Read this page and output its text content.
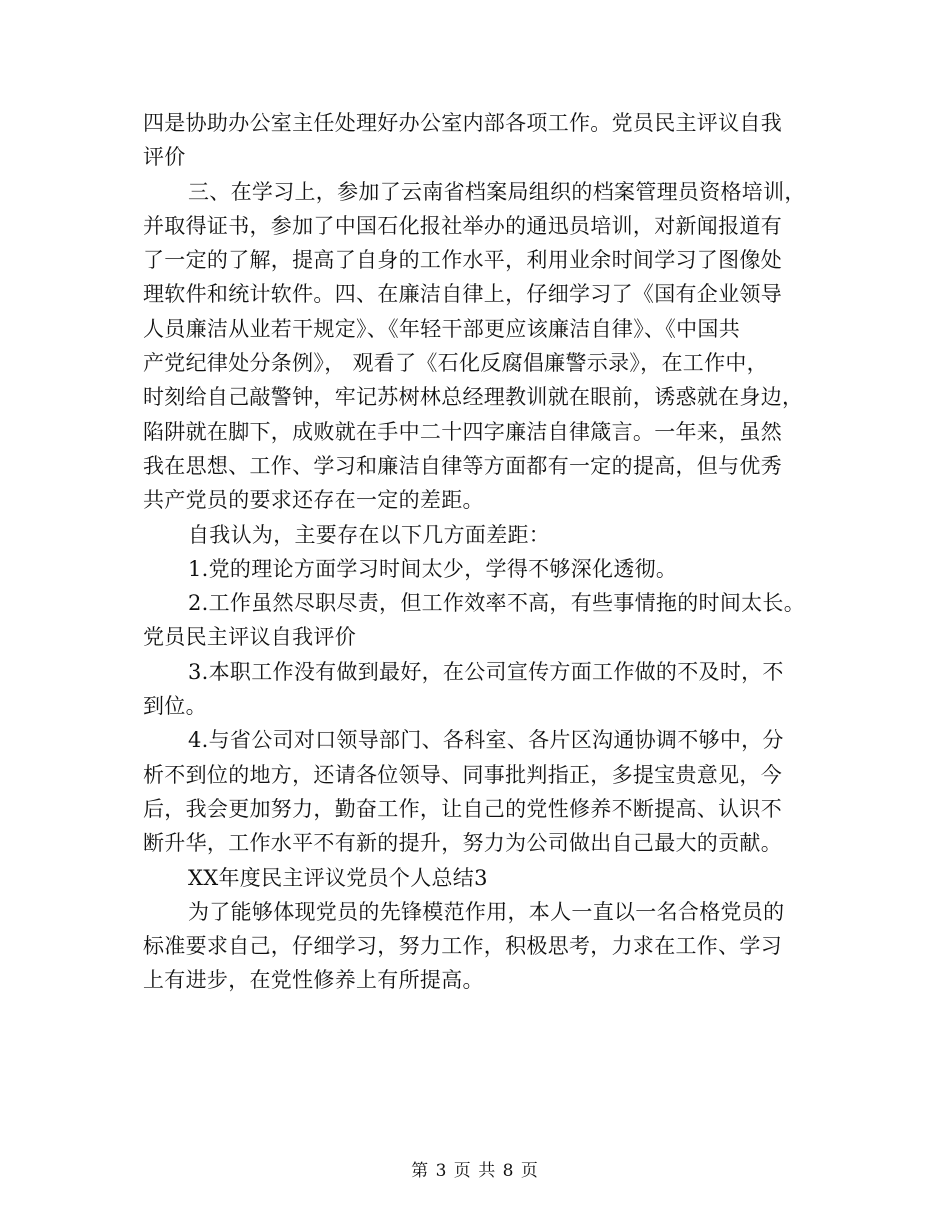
四是协助办公室主任处理好办公室内部各项工作。党员民主评议自我
评价
三、在学习上，参加了云南省档案局组织的档案管理员资格培训，
并取得证书，参加了中国石化报社举办的通迅员培训，对新闻报道有
了一定的了解，提高了自身的工作水平，利用业余时间学习了图像处
理软件和统计软件。四、在廉洁自律上，仔细学习了《国有企业领导
人员廉洁从业若干规定》、《年轻干部更应该廉洁自律》、《中国共
产党纪律处分条例》， 观看了《石化反腐倡廉警示录》，在工作中，
时刻给自己敲警钟，牢记苏树林总经理教训就在眼前，诱惑就在身边，
陷阱就在脚下，成败就在手中二十四字廉洁自律箴言。一年来，虽然
我在思想、工作、学习和廉洁自律等方面都有一定的提高，但与优秀
共产党员的要求还存在一定的差距。
自我认为，主要存在以下几方面差距：
1.党的理论方面学习时间太少，学得不够深化透彻。
2.工作虽然尽职尽责，但工作效率不高，有些事情拖的时间太长。
党员民主评议自我评价
3.本职工作没有做到最好，在公司宣传方面工作做的不及时，不
到位。
4.与省公司对口领导部门、各科室、各片区沟通协调不够中，分
析不到位的地方，还请各位领导、同事批判指正，多提宝贵意见，今
后，我会更加努力，勤奋工作，让自己的党性修养不断提高、认识不
断升华，工作水平不有新的提升，努力为公司做出自己最大的贡献。
XX年度民主评议党员个人总结3
为了能够体现党员的先锋模范作用，本人一直以一名合格党员的
标准要求自己，仔细学习，努力工作，积极思考，力求在工作、学习
上有进步，在党性修养上有所提高。
第 3 页 共 8 页
